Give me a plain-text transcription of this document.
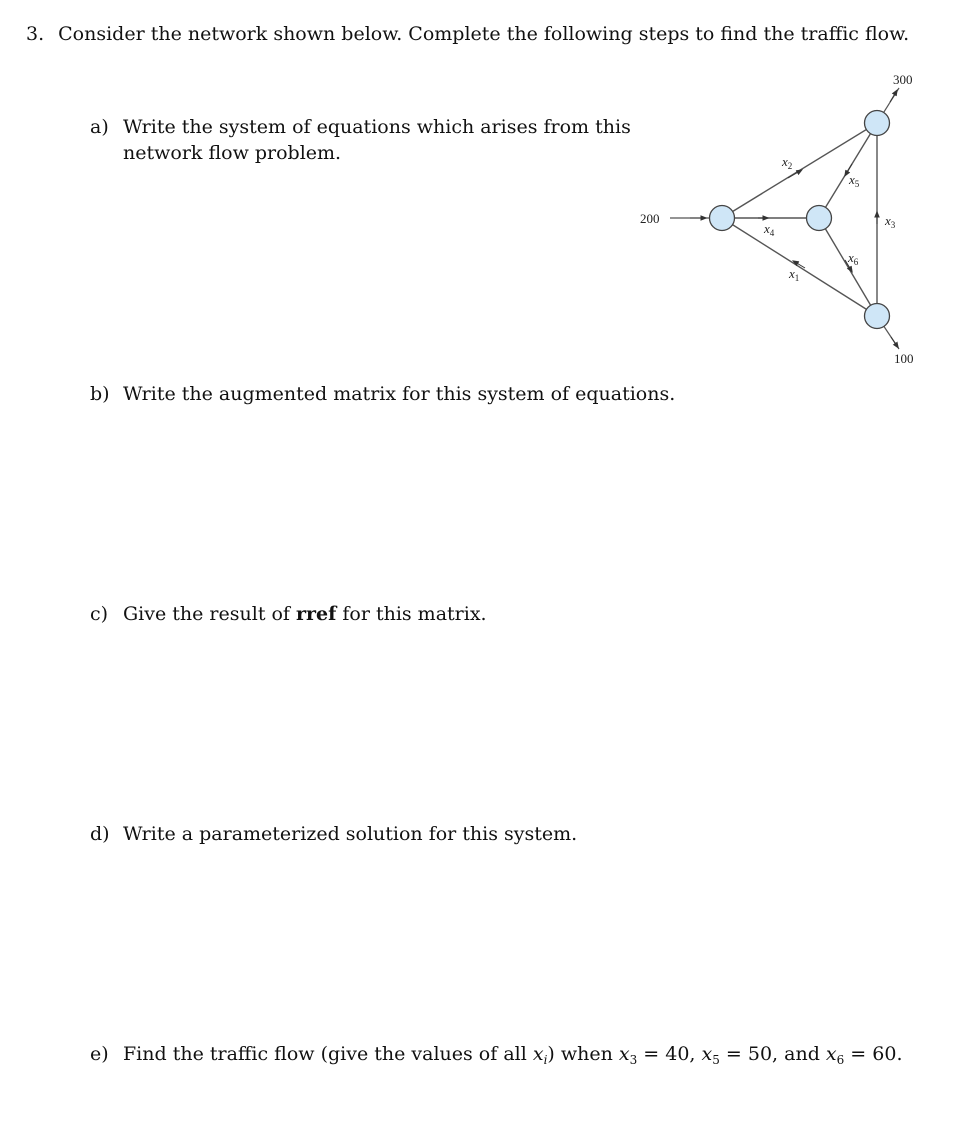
3. Consider the network shown below. Complete the following steps to find the traffic flow.
a) Write the system of equations which arises from this
network flow problem.
200
300
100
$x_2$
$x_4$
$x_1$
$x_5$
$x_6$
$x_3$
b) Write the augmented matrix for this system of equations.
c) Give the result of rref for this matrix.
d) Write a parameterized solution for this system.
e) Find the traffic flow (give the values of all $x_i$) when $x_3 = 40$, $x_5 = 50$, and $x_6 = 60$.
